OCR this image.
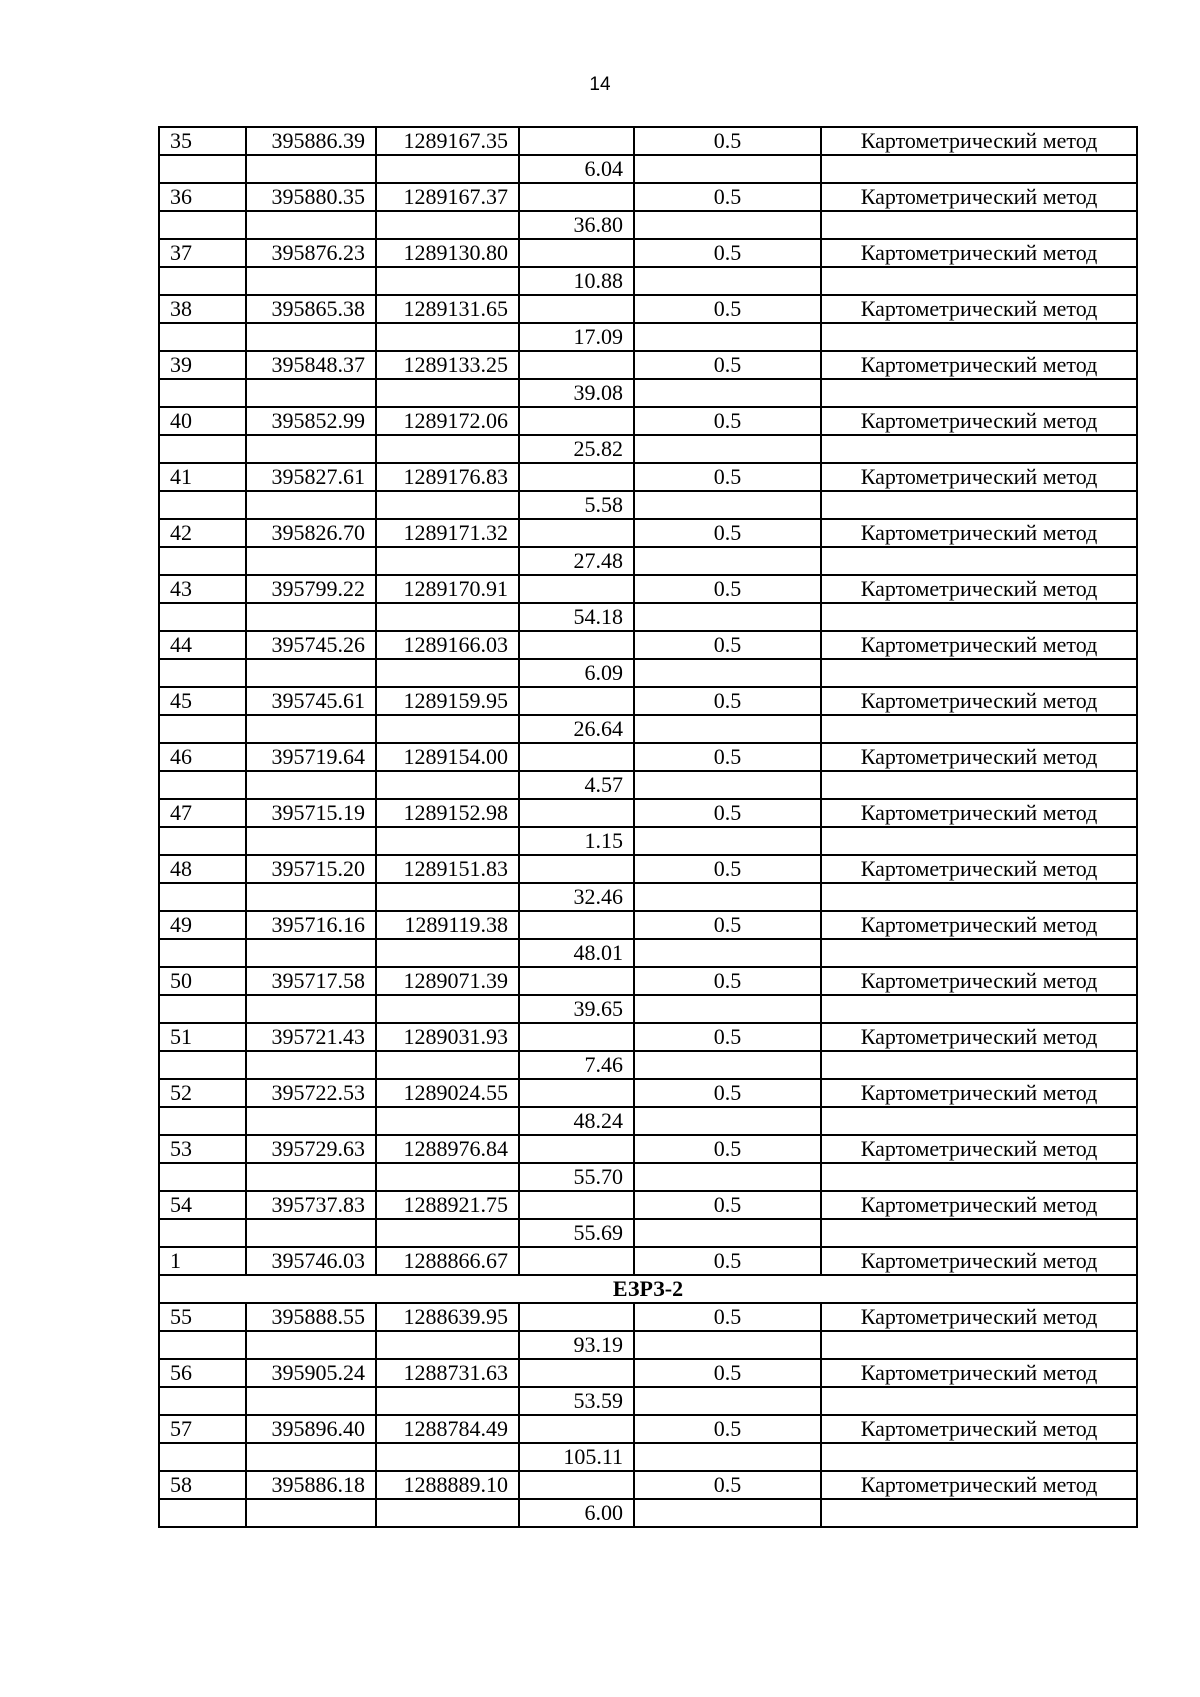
14
35	395886.39	1289167.35		0.5	Картометрический метод
			6.04		
36	395880.35	1289167.37		0.5	Картометрический метод
			36.80		
37	395876.23	1289130.80		0.5	Картометрический метод
			10.88		
38	395865.38	1289131.65		0.5	Картометрический метод
			17.09		
39	395848.37	1289133.25		0.5	Картометрический метод
			39.08		
40	395852.99	1289172.06		0.5	Картометрический метод
			25.82		
41	395827.61	1289176.83		0.5	Картометрический метод
			5.58		
42	395826.70	1289171.32		0.5	Картометрический метод
			27.48		
43	395799.22	1289170.91		0.5	Картометрический метод
			54.18		
44	395745.26	1289166.03		0.5	Картометрический метод
			6.09		
45	395745.61	1289159.95		0.5	Картометрический метод
			26.64		
46	395719.64	1289154.00		0.5	Картометрический метод
			4.57		
47	395715.19	1289152.98		0.5	Картометрический метод
			1.15		
48	395715.20	1289151.83		0.5	Картометрический метод
			32.46		
49	395716.16	1289119.38		0.5	Картометрический метод
			48.01		
50	395717.58	1289071.39		0.5	Картометрический метод
			39.65		
51	395721.43	1289031.93		0.5	Картометрический метод
			7.46		
52	395722.53	1289024.55		0.5	Картометрический метод
			48.24		
53	395729.63	1288976.84		0.5	Картометрический метод
			55.70		
54	395737.83	1288921.75		0.5	Картометрический метод
			55.69		
1	395746.03	1288866.67		0.5	Картометрический метод
ЕЗРЗ-2					
55	395888.55	1288639.95		0.5	Картометрический метод
			93.19		
56	395905.24	1288731.63		0.5	Картометрический метод
			53.59		
57	395896.40	1288784.49		0.5	Картометрический метод
			105.11		
58	395886.18	1288889.10		0.5	Картометрический метод
			6.00		
